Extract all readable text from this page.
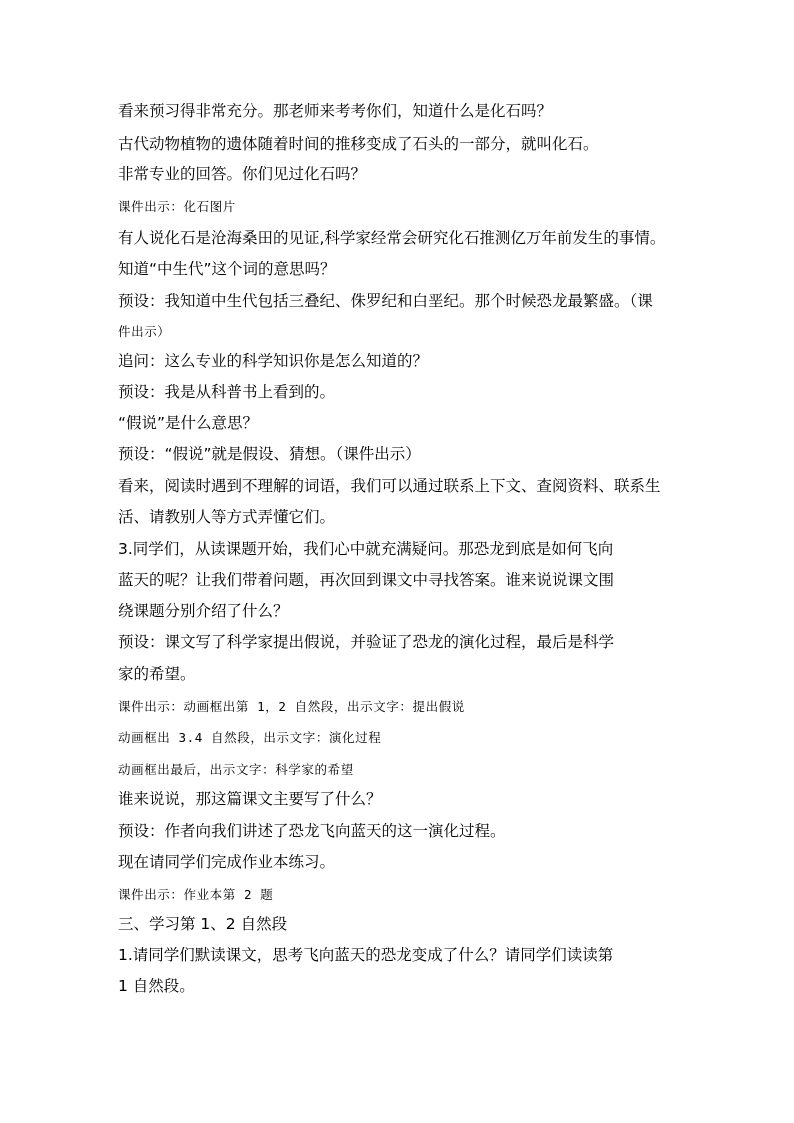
看来预习得非常充分。那老师来考考你们，知道什么是化石吗？

古代动物植物的遗体随着时间的推移变成了石头的一部分，就叫化石。

非常专业的回答。你们见过化石吗？

课件出示：化石图片

有人说化石是沧海桑田的见证,科学家经常会研究化石推测亿万年前发生的事情。

知道“中生代”这个词的意思吗？

预设：我知道中生代包括三叠纪、侏罗纪和白垩纪。那个时候恐龙最繁盛。（课

件出示）

追问：这么专业的科学知识你是怎么知道的？

预设：我是从科普书上看到的。

“假说”是什么意思？

预设：“假说”就是假设、猜想。（课件出示）

看来，阅读时遇到不理解的词语，我们可以通过联系上下文、查阅资料、联系生

活、请教别人等方式弄懂它们。

3.同学们，从读课题开始，我们心中就充满疑问。那恐龙到底是如何飞向

蓝天的呢？让我们带着问题，再次回到课文中寻找答案。谁来说说课文围

绕课题分别介绍了什么？

预设：课文写了科学家提出假说，并验证了恐龙的演化过程，最后是科学

家的希望。

课件出示：动画框出第 1，2 自然段，出示文字：提出假说

动画框出 3.4 自然段，出示文字：演化过程

动画框出最后，出示文字：科学家的希望

谁来说说，那这篇课文主要写了什么？

预设：作者向我们讲述了恐龙飞向蓝天的这一演化过程。

现在请同学们完成作业本练习。

课件出示：作业本第 2 题

三、学习第 1、2 自然段

1.请同学们默读课文，思考飞向蓝天的恐龙变成了什么？请同学们读读第

1 自然段。
